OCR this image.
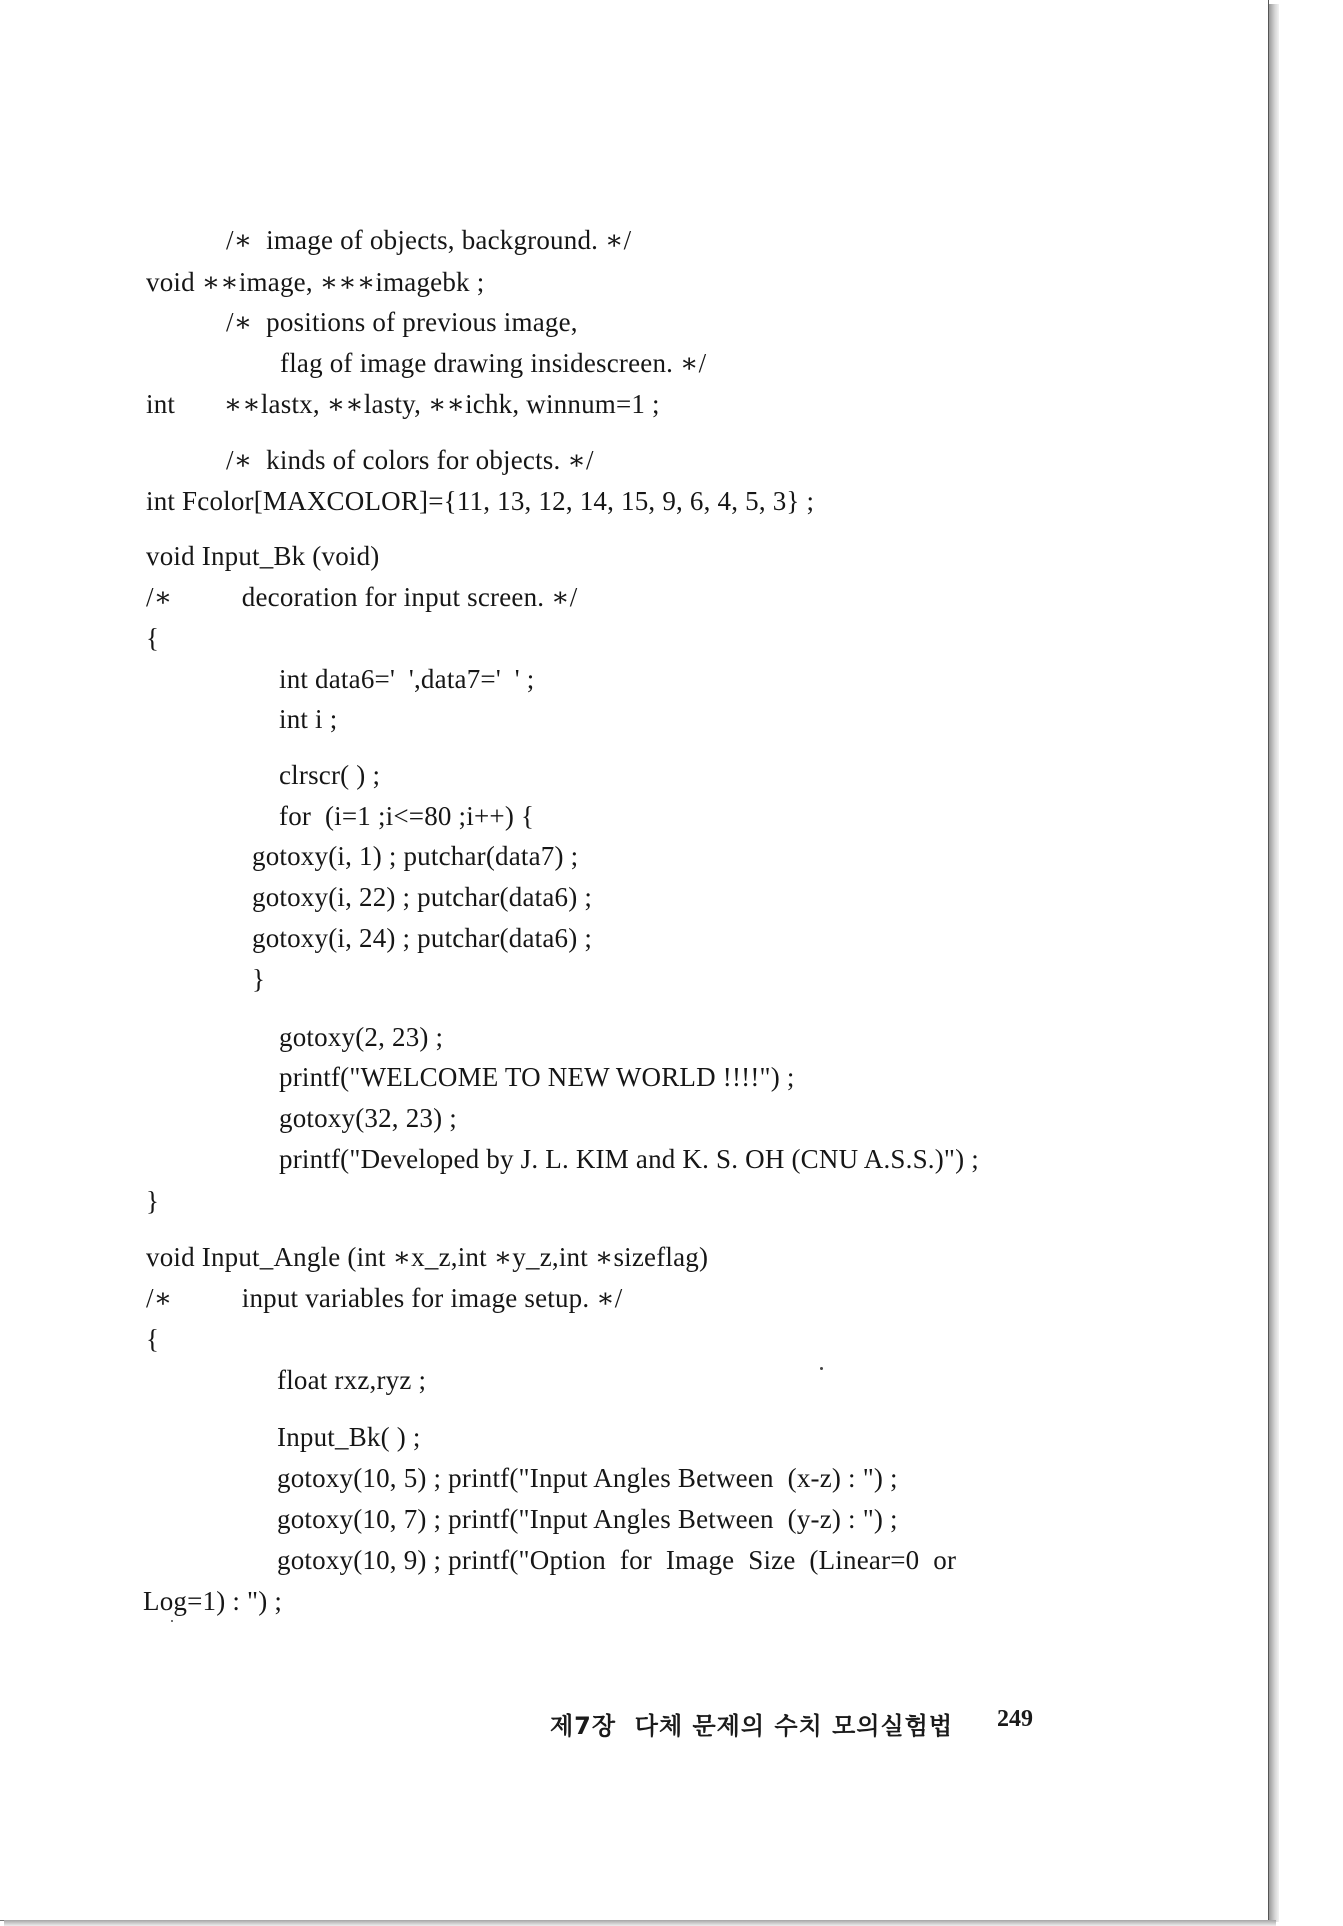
/∗  image of objects, background. ∗/
void ∗∗image, ∗∗∗imagebk ;
/∗  positions of previous image,
flag of image drawing insidescreen. ∗/
int       ∗∗lastx, ∗∗lasty, ∗∗ichk, winnum=1 ;
/∗  kinds of colors for objects. ∗/
int Fcolor[MAXCOLOR]={11, 13, 12, 14, 15, 9, 6, 4, 5, 3} ;
void Input_Bk (void)
/∗          decoration for input screen. ∗/
{
int data6='  ',data7='  ' ;
int i ;
clrscr( ) ;
for  (i=1 ;i<=80 ;i++) {
gotoxy(i, 1) ; putchar(data7) ;
gotoxy(i, 22) ; putchar(data6) ;
gotoxy(i, 24) ; putchar(data6) ;
}
gotoxy(2, 23) ;
printf("WELCOME TO NEW WORLD !!!!") ;
gotoxy(32, 23) ;
printf("Developed by J. L. KIM and K. S. OH (CNU A.S.S.)") ;
}
void Input_Angle (int ∗x_z,int ∗y_z,int ∗sizeflag)
/∗          input variables for image setup. ∗/
{
float rxz,ryz ;
Input_Bk( ) ;
gotoxy(10, 5) ; printf("Input Angles Between  (x-z) : ") ;
gotoxy(10, 7) ; printf("Input Angles Between  (y-z) : ") ;
gotoxy(10, 9) ; printf("Option  for  Image  Size  (Linear=0  or
Log=1) : ") ;
제7장  다체 문제의 수치 모의실험법 249
